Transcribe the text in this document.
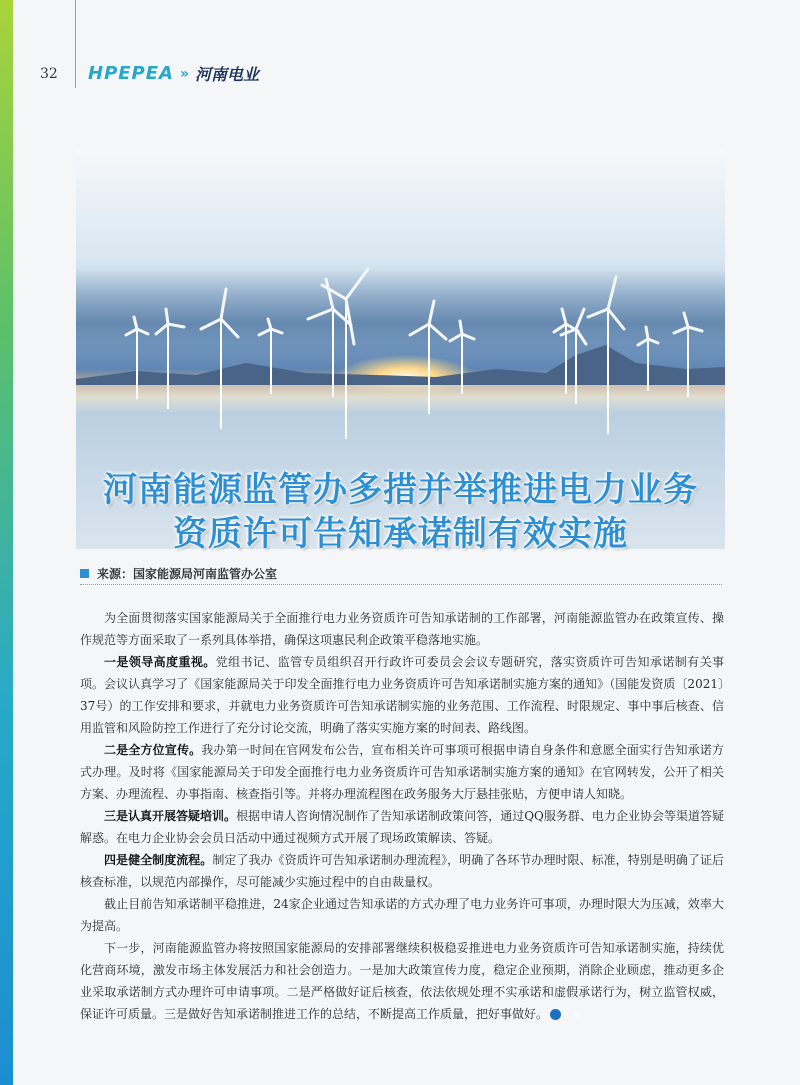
32 HPEPEA » 河南电业
河南能源监管办多措并举推进电力业务
资质许可告知承诺制有效实施
来源：国家能源局河南监管办公室

为全面贯彻落实国家能源局关于全面推行电力业务资质许可告知承诺制的工作部署，河南能源监管办在政策宣传、操作规范等方面采取了一系列具体举措，确保这项惠民利企政策平稳落地实施。

一是领导高度重视。党组书记、监管专员组织召开行政许可委员会会议专题研究，落实资质许可告知承诺制有关事项。会议认真学习了《国家能源局关于印发全面推行电力业务资质许可告知承诺制实施方案的通知》（国能发资质〔2021〕37号）的工作安排和要求，并就电力业务资质许可告知承诺制实施的业务范围、工作流程、时限规定、事中事后核查、信用监管和风险防控工作进行了充分讨论交流，明确了落实实施方案的时间表、路线图。

二是全方位宣传。我办第一时间在官网发布公告，宣布相关许可事项可根据申请自身条件和意愿全面实行告知承诺方式办理。及时将《国家能源局关于印发全面推行电力业务资质许可告知承诺制实施方案的通知》在官网转发，公开了相关方案、办理流程、办事指南、核查指引等。并将办理流程图在政务服务大厅悬挂张贴，方便申请人知晓。

三是认真开展答疑培训。根据申请人咨询情况制作了告知承诺制政策问答，通过QQ服务群、电力企业协会等渠道答疑解惑。在电力企业协会会员日活动中通过视频方式开展了现场政策解读、答疑。

四是健全制度流程。制定了我办《资质许可告知承诺制办理流程》，明确了各环节办理时限、标准，特别是明确了证后核查标准，以规范内部操作，尽可能减少实施过程中的自由裁量权。

截止目前告知承诺制平稳推进，24家企业通过告知承诺的方式办理了电力业务许可事项，办理时限大为压减，效率大为提高。

下一步，河南能源监管办将按照国家能源局的安排部署继续积极稳妥推进电力业务资质许可告知承诺制实施，持续优化营商环境，激发市场主体发展活力和社会创造力。一是加大政策宣传力度，稳定企业预期，消除企业顾虑，推动更多企业采取承诺制方式办理许可申请事项。二是严格做好证后核查，依法依规处理不实承诺和虚假承诺行为，树立监管权威，保证许可质量。三是做好告知承诺制推进工作的总结，不断提高工作质量，把好事做好。	©
